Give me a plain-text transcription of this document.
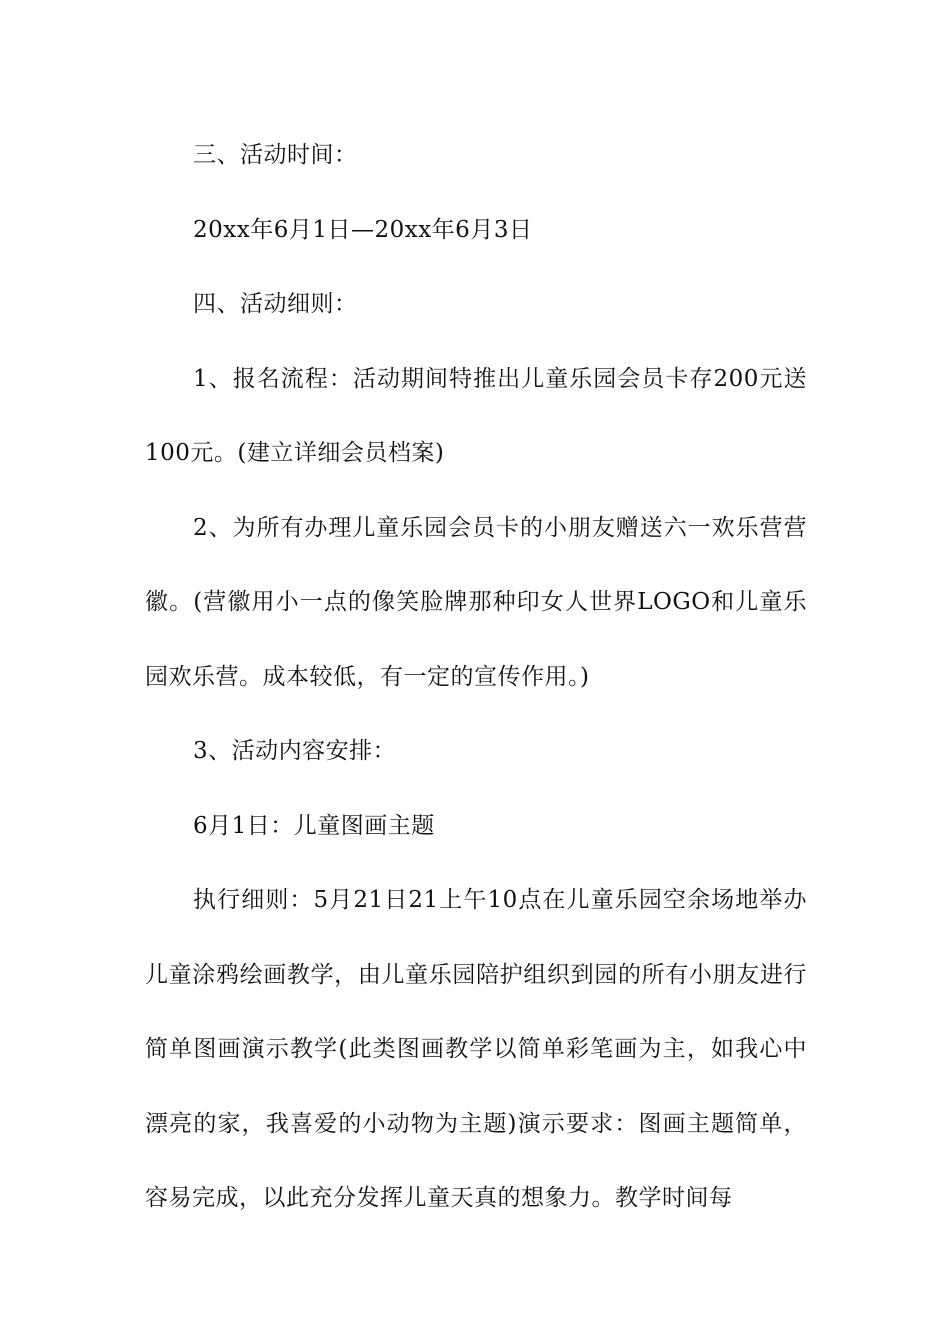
三、活动时间：

20xx年6月1日—20xx年6月3日

四、活动细则：

1、报名流程：活动期间特推出儿童乐园会员卡存200元送100元。(建立详细会员档案)

2、为所有办理儿童乐园会员卡的小朋友赠送六一欢乐营营徽。(营徽用小一点的像笑脸牌那种印女人世界LOGO和儿童乐园欢乐营。成本较低，有一定的宣传作用。)

3、活动内容安排：

6月1日：儿童图画主题

执行细则：5月21日21上午10点在儿童乐园空余场地举办儿童涂鸦绘画教学，由儿童乐园陪护组织到园的所有小朋友进行简单图画演示教学(此类图画教学以简单彩笔画为主，如我心中漂亮的家，我喜爱的小动物为主题)演示要求：图画主题简单，容易完成，以此充分发挥儿童天真的想象力。教学时间每
